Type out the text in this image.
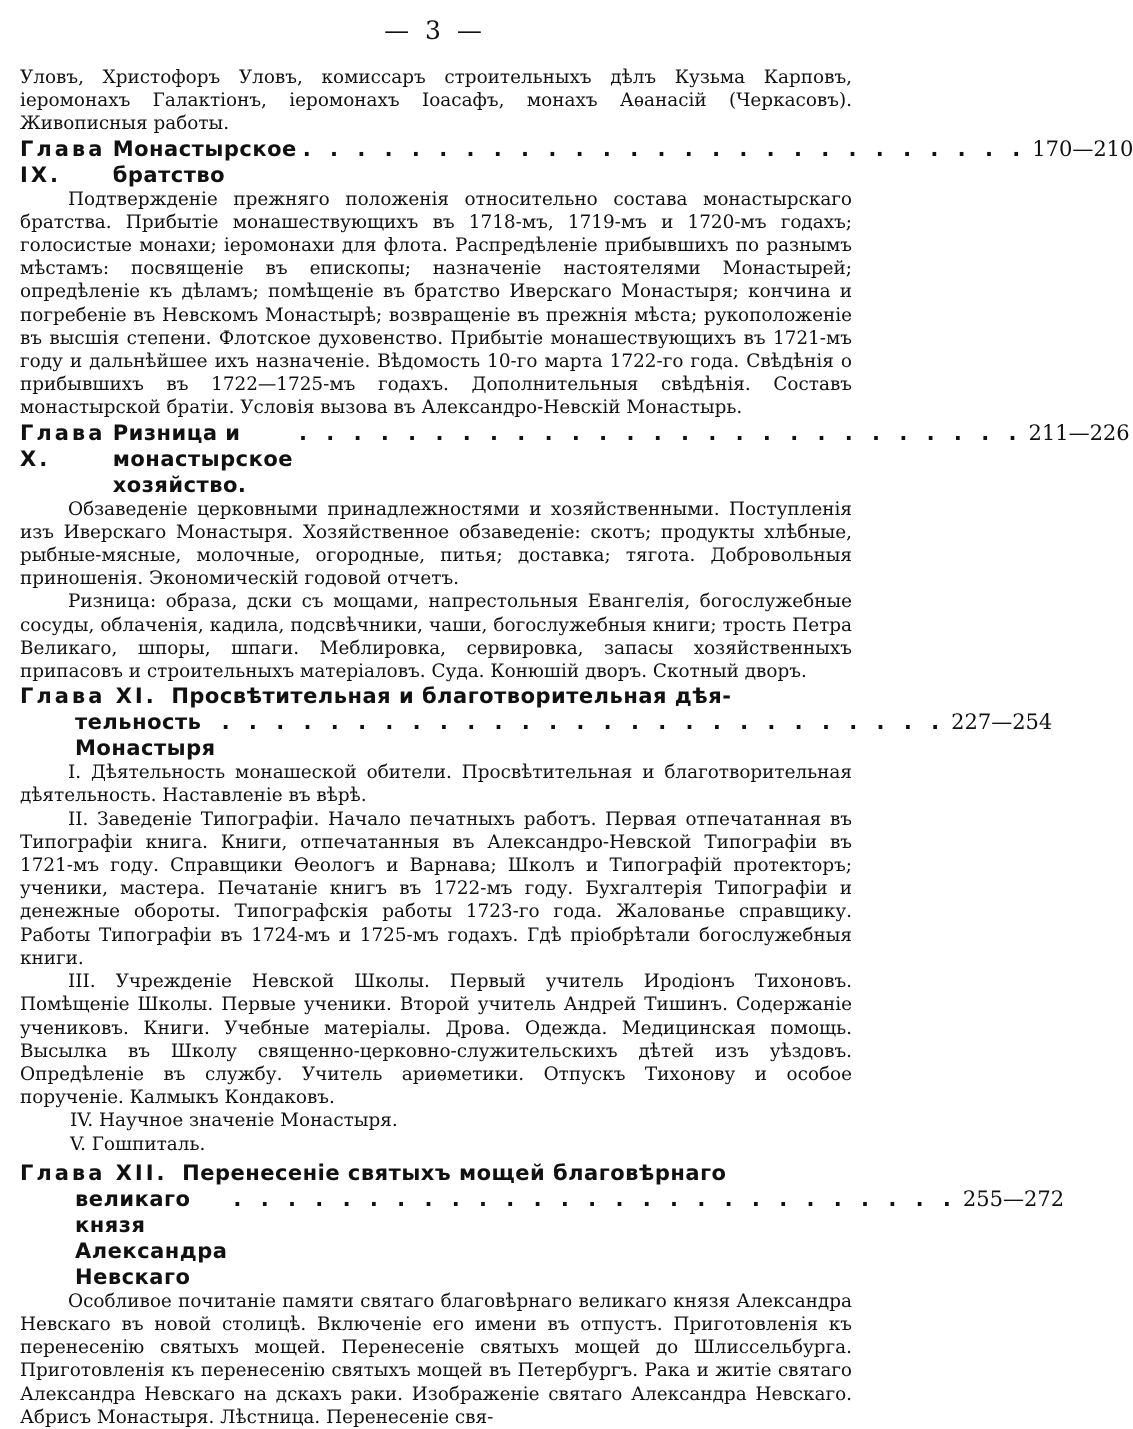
— 3 —

Уловъ, Христофоръ Уловъ, комиссаръ строительныхъ дѣлъ Кузьма Карповъ, іеромонахъ Галактіонъ, іеромонахъ Іоасафъ, монахъ Аѳанасій (Черкасовъ). Живописныя работы.

Глава IX.

Монастырское братство
. . . . . . . . . . . . . . . . . . . . . . . . . . . 170—210

Подтвержденіе прежняго положенія относительно состава монастырскаго братства. Прибытіе монашествующихъ въ 1718-мъ, 1719-мъ и 1720-мъ годахъ; голосистые монахи; іеромонахи для флота. Распредѣленіе прибывшихъ по разнымъ мѣстамъ: посвященіе въ епископы; назначеніе настоятелями Монастырей; опредѣленіе къ дѣламъ; помѣщеніе въ братство Иверскаго Монастыря; кончина и погребеніе въ Невскомъ Монастырѣ; возвращеніе въ прежнія мѣста; рукоположеніе въ высшія степени. Флотское духовенство. Прибытіе монашествующихъ въ 1721-мъ году и дальнѣйшее ихъ назначеніе. Вѣдомость 10-го марта 1722-го года. Свѣдѣнія о прибывшихъ въ 1722—1725-мъ годахъ. Дополнительныя свѣдѣнія. Составъ монастырской братіи. Условія вызова въ Александро-Невскій Монастырь.

Глава X.

Ризница и монастырское хозяйство.
. . . . . . . . . . . . . . . . . . . . . . . . . . . 211—226

Обзаведеніе церковными принадлежностями и хозяйственными. Поступленія изъ Иверскаго Монастыря. Хозяйственное обзаведеніе: скотъ; продукты хлѣбные, рыбные-мясные, молочные, огородные, питья; доставка; тягота. Добровольныя приношенія. Экономическій годовой отчетъ.

Ризница: образа, дски съ мощами, напрестольныя Евангелія, богослужебные сосуды, облаченія, кадила, подсвѣчники, чаши, богослужебныя книги; трость Петра Великаго, шпоры, шпаги. Меблировка, сервировка, запасы хозяйственныхъ припасовъ и строительныхъ матеріаловъ. Суда. Конюшій дворъ. Скотный дворъ.

Глава XI. Просвѣтительная и благотворительная дѣя-
тельность Монастыря
. . . . . . . . . . . . . . . . . . . . . . . . . . . 227—254

I. Дѣятельность монашеской обители. Просвѣтительная и благотворительная дѣятельность. Наставленіе въ вѣрѣ.

II. Заведеніе Типографіи. Начало печатныхъ работъ. Первая отпечатанная въ Типографіи книга. Книги, отпечатанныя въ Александро-Невской Типографіи въ 1721-мъ году. Справщики Ѳеологъ и Варнава; Школъ и Типографій протекторъ; ученики, мастера. Печатаніе книгъ въ 1722-мъ году. Бухгалтерія Типографіи и денежные обороты. Типографскія работы 1723-го года. Жалованье справщику. Работы Типографіи въ 1724-мъ и 1725-мъ годахъ. Гдѣ пріобрѣтали богослужебныя книги.

III. Учрежденіе Невской Школы. Первый учитель Иродіонъ Тихоновъ. Помѣщеніе Школы. Первые ученики. Второй учитель Андрей Тишинъ. Содержаніе учениковъ. Книги. Учебные матеріалы. Дрова. Одежда. Медицинская помощь. Высылка въ Школу священно-церковно-служительскихъ дѣтей изъ уѣздовъ. Опредѣленіе въ службу. Учитель ариѳметики. Отпускъ Тихонову и особое порученіе. Калмыкъ Кондаковъ.

IV. Научное значеніе Монастыря.
V. Гошпиталь.
Глава XII. Перенесеніе святыхъ мощей благовѣрнаго
великаго князя Александра Невскаго
. . . . . . . . . . . . . . . . . . . . . . . . . . . 255—272

Особливое почитаніе памяти святаго благовѣрнаго великаго князя Александра Невскаго въ новой столицѣ. Включеніе его имени въ отпустъ. Приготовленія къ перенесенію святыхъ мощей. Перенесеніе святыхъ мощей до Шлиссельбурга. Приготовленія къ перенесенію святыхъ мощей въ Петербургъ. Рака и житіе святаго Александра Невскаго на дскахъ раки. Изображеніе святаго Александра Невскаго. Абрисъ Монастыря. Лѣстница. Перенесеніе свя-
